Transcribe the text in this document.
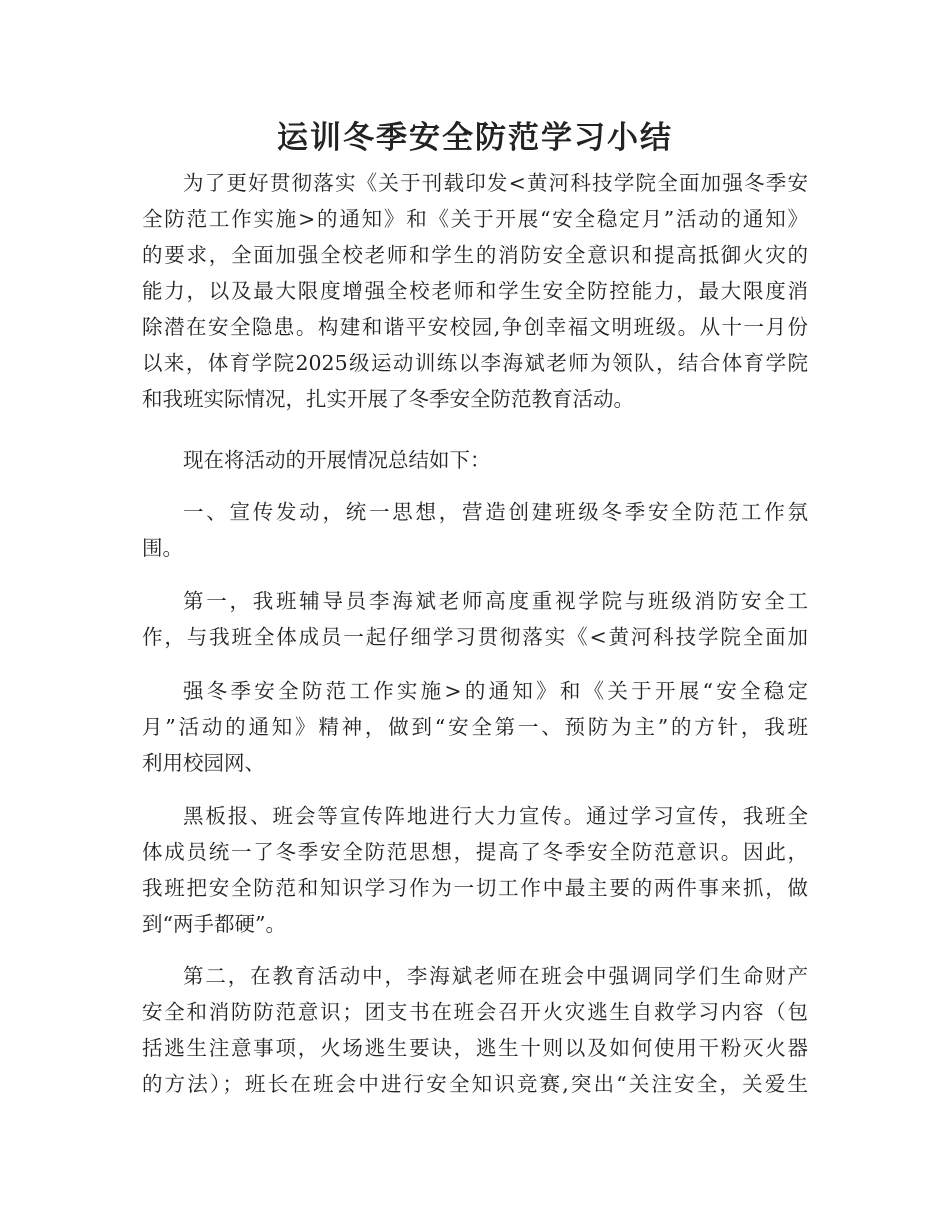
运训冬季安全防范学习小结
为了更好贯彻落实《关于刊载印发<黄河科技学院全面加强冬季安
全防范工作实施>的通知》和《关于开展“安全稳定月”活动的通知》
的要求，全面加强全校老师和学生的消防安全意识和提高抵御火灾的
能力，以及最大限度增强全校老师和学生安全防控能力，最大限度消
除潜在安全隐患。构建和谐平安校园,争创幸福文明班级。从十一月份
以来，体育学院2025级运动训练以李海斌老师为领队，结合体育学院
和我班实际情况，扎实开展了冬季安全防范教育活动。
现在将活动的开展情况总结如下：
一、宣传发动，统一思想，营造创建班级冬季安全防范工作氛
围。
第一，我班辅导员李海斌老师高度重视学院与班级消防安全工
作，与我班全体成员一起仔细学习贯彻落实《<黄河科技学院全面加
强冬季安全防范工作实施>的通知》和《关于开展“安全稳定
月”活动的通知》精神，做到“安全第一、预防为主”的方针，我班
利用校园网、
黑板报、班会等宣传阵地进行大力宣传。通过学习宣传，我班全
体成员统一了冬季安全防范思想，提高了冬季安全防范意识。因此，
我班把安全防范和知识学习作为一切工作中最主要的两件事来抓，做
到“两手都硬”。
第二，在教育活动中，李海斌老师在班会中强调同学们生命财产
安全和消防防范意识；团支书在班会召开火灾逃生自救学习内容（包
括逃生注意事项，火场逃生要诀，逃生十则以及如何使用干粉灭火器
的方法）；班长在班会中进行安全知识竞赛,突出“关注安全，关爱生
